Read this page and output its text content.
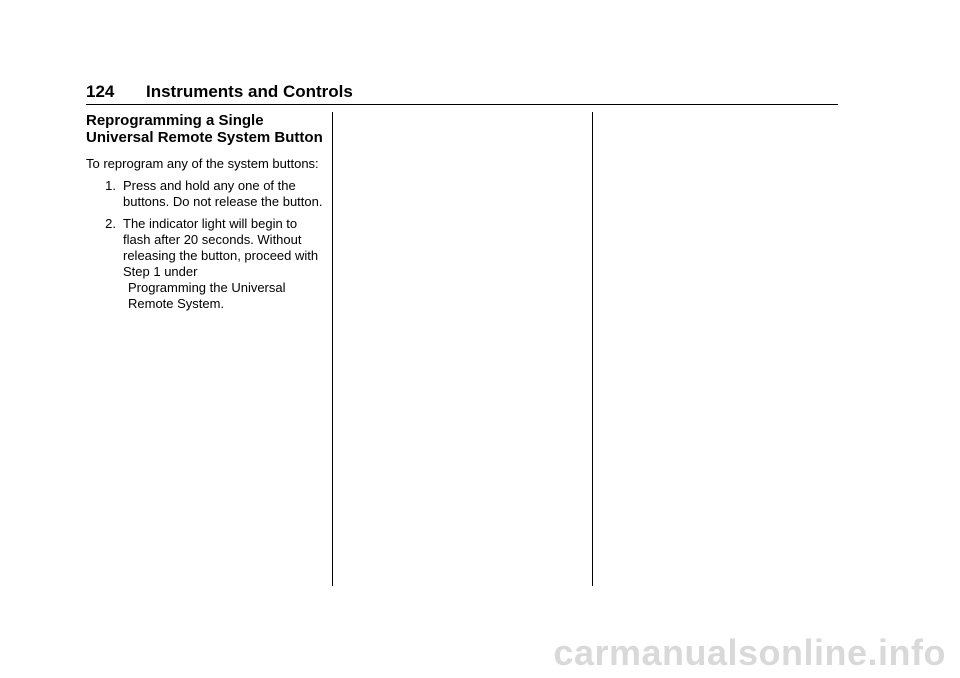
124 Instruments and Controls
Reprogramming a Single Universal Remote System Button
To reprogram any of the system buttons:
1. Press and hold any one of the buttons. Do not release the button.
2. The indicator light will begin to flash after 20 seconds. Without releasing the button, proceed with Step 1 under
Programming the Universal Remote System.
carmanualsonline.info
